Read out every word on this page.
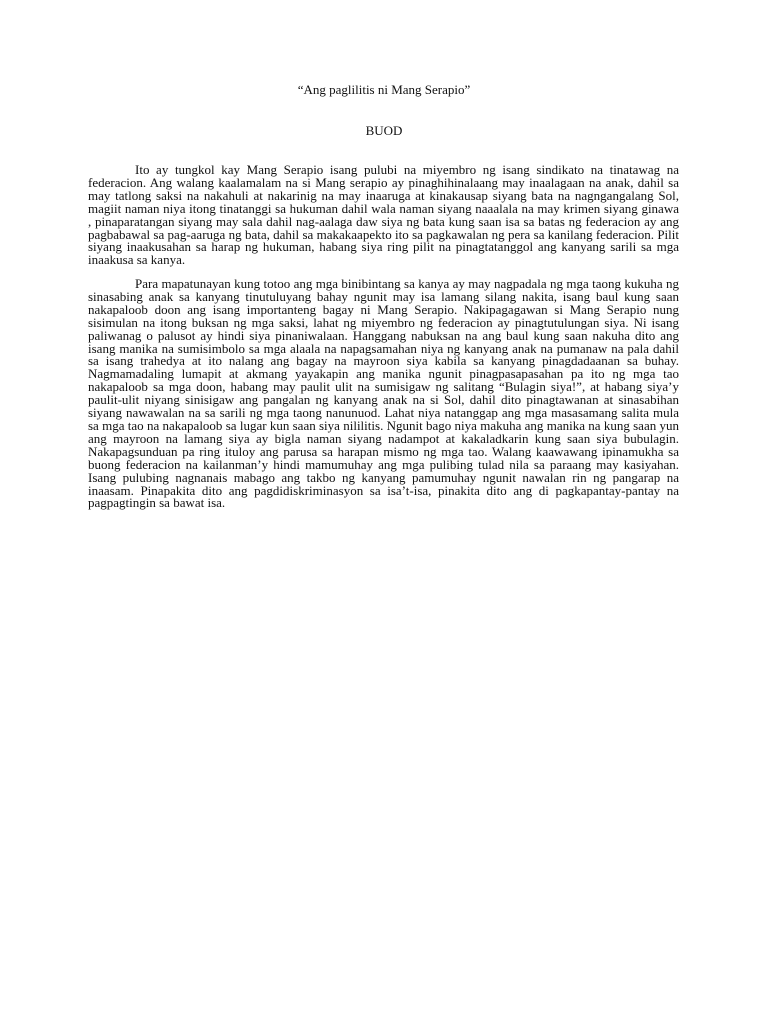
“Ang paglilitis ni Mang Serapio”
BUOD

Ito ay tungkol kay Mang Serapio isang pulubi na miyembro ng isang sindikato na tinatawag na federacion. Ang walang kaalamalam na si Mang serapio ay pinaghihinalaang may inaalagaan na anak, dahil sa may tatlong saksi na nakahuli at nakarinig na may inaaruga at kinakausap siyang bata na nagngangalang Sol, magiit naman niya itong tinatanggi sa hukuman dahil wala naman siyang naaalala na may krimen siyang ginawa , pinaparatangan siyang may sala dahil nag-aalaga daw siya ng bata kung saan isa sa batas ng federacion ay ang pagbabawal sa pag-aaruga ng bata, dahil sa makakaapekto ito sa pagkawalan ng pera sa kanilang federacion. Pilit siyang inaakusahan sa harap ng hukuman, habang siya ring pilit na pinagtatanggol ang kanyang sarili sa mga inaakusa sa kanya.

Para mapatunayan kung totoo ang mga binibintang sa kanya ay may nagpadala ng mga taong kukuha ng sinasabing anak sa kanyang tinutuluyang bahay ngunit may isa lamang silang nakita, isang baul kung saan nakapaloob doon ang isang importanteng bagay ni Mang Serapio. Nakipagagawan si Mang Serapio nung sisimulan na itong buksan ng mga saksi, lahat ng miyembro ng federacion ay pinagtutulungan siya. Ni isang paliwanag o palusot ay hindi siya pinaniwalaan. Hanggang nabuksan na ang baul kung saan nakuha dito ang isang manika na sumisimbolo sa mga alaala na napagsamahan niya ng kanyang anak na pumanaw na pala dahil sa isang trahedya at ito nalang ang bagay na mayroon siya kabila sa kanyang pinagdadaanan sa buhay. Nagmamadaling lumapit at akmang yayakapin ang manika ngunit pinagpasapasahan pa ito ng mga tao nakapaloob sa mga doon, habang may paulit ulit na sumisigaw ng salitang “Bulagin siya!”, at habang siya’y paulit-ulit niyang sinisigaw ang pangalan ng kanyang anak na si Sol, dahil dito pinagtawanan at sinasabihan siyang nawawalan na sa sarili ng mga taong nanunuod. Lahat niya natanggap ang mga masasamang salita mula sa mga tao na nakapaloob sa lugar kun saan siya nililitis. Ngunit bago niya makuha ang manika na kung saan yun ang mayroon na lamang siya ay bigla naman siyang nadampot at kakaladkarin kung saan siya bubulagin. Nakapagsunduan pa ring ituloy ang parusa sa harapan mismo ng mga tao. Walang kaawawang ipinamukha sa buong federacion na kailanman’y hindi mamumuhay ang mga pulibing tulad nila sa paraang may kasiyahan. Isang pulubing nagnanais mabago ang takbo ng kanyang pamumuhay ngunit nawalan rin ng pangarap na inaasam. Pinapakita dito ang pagdidiskriminasyon sa isa’t-isa, pinakita dito ang di pagkapantay-pantay na pagpagtingin sa bawat isa.
